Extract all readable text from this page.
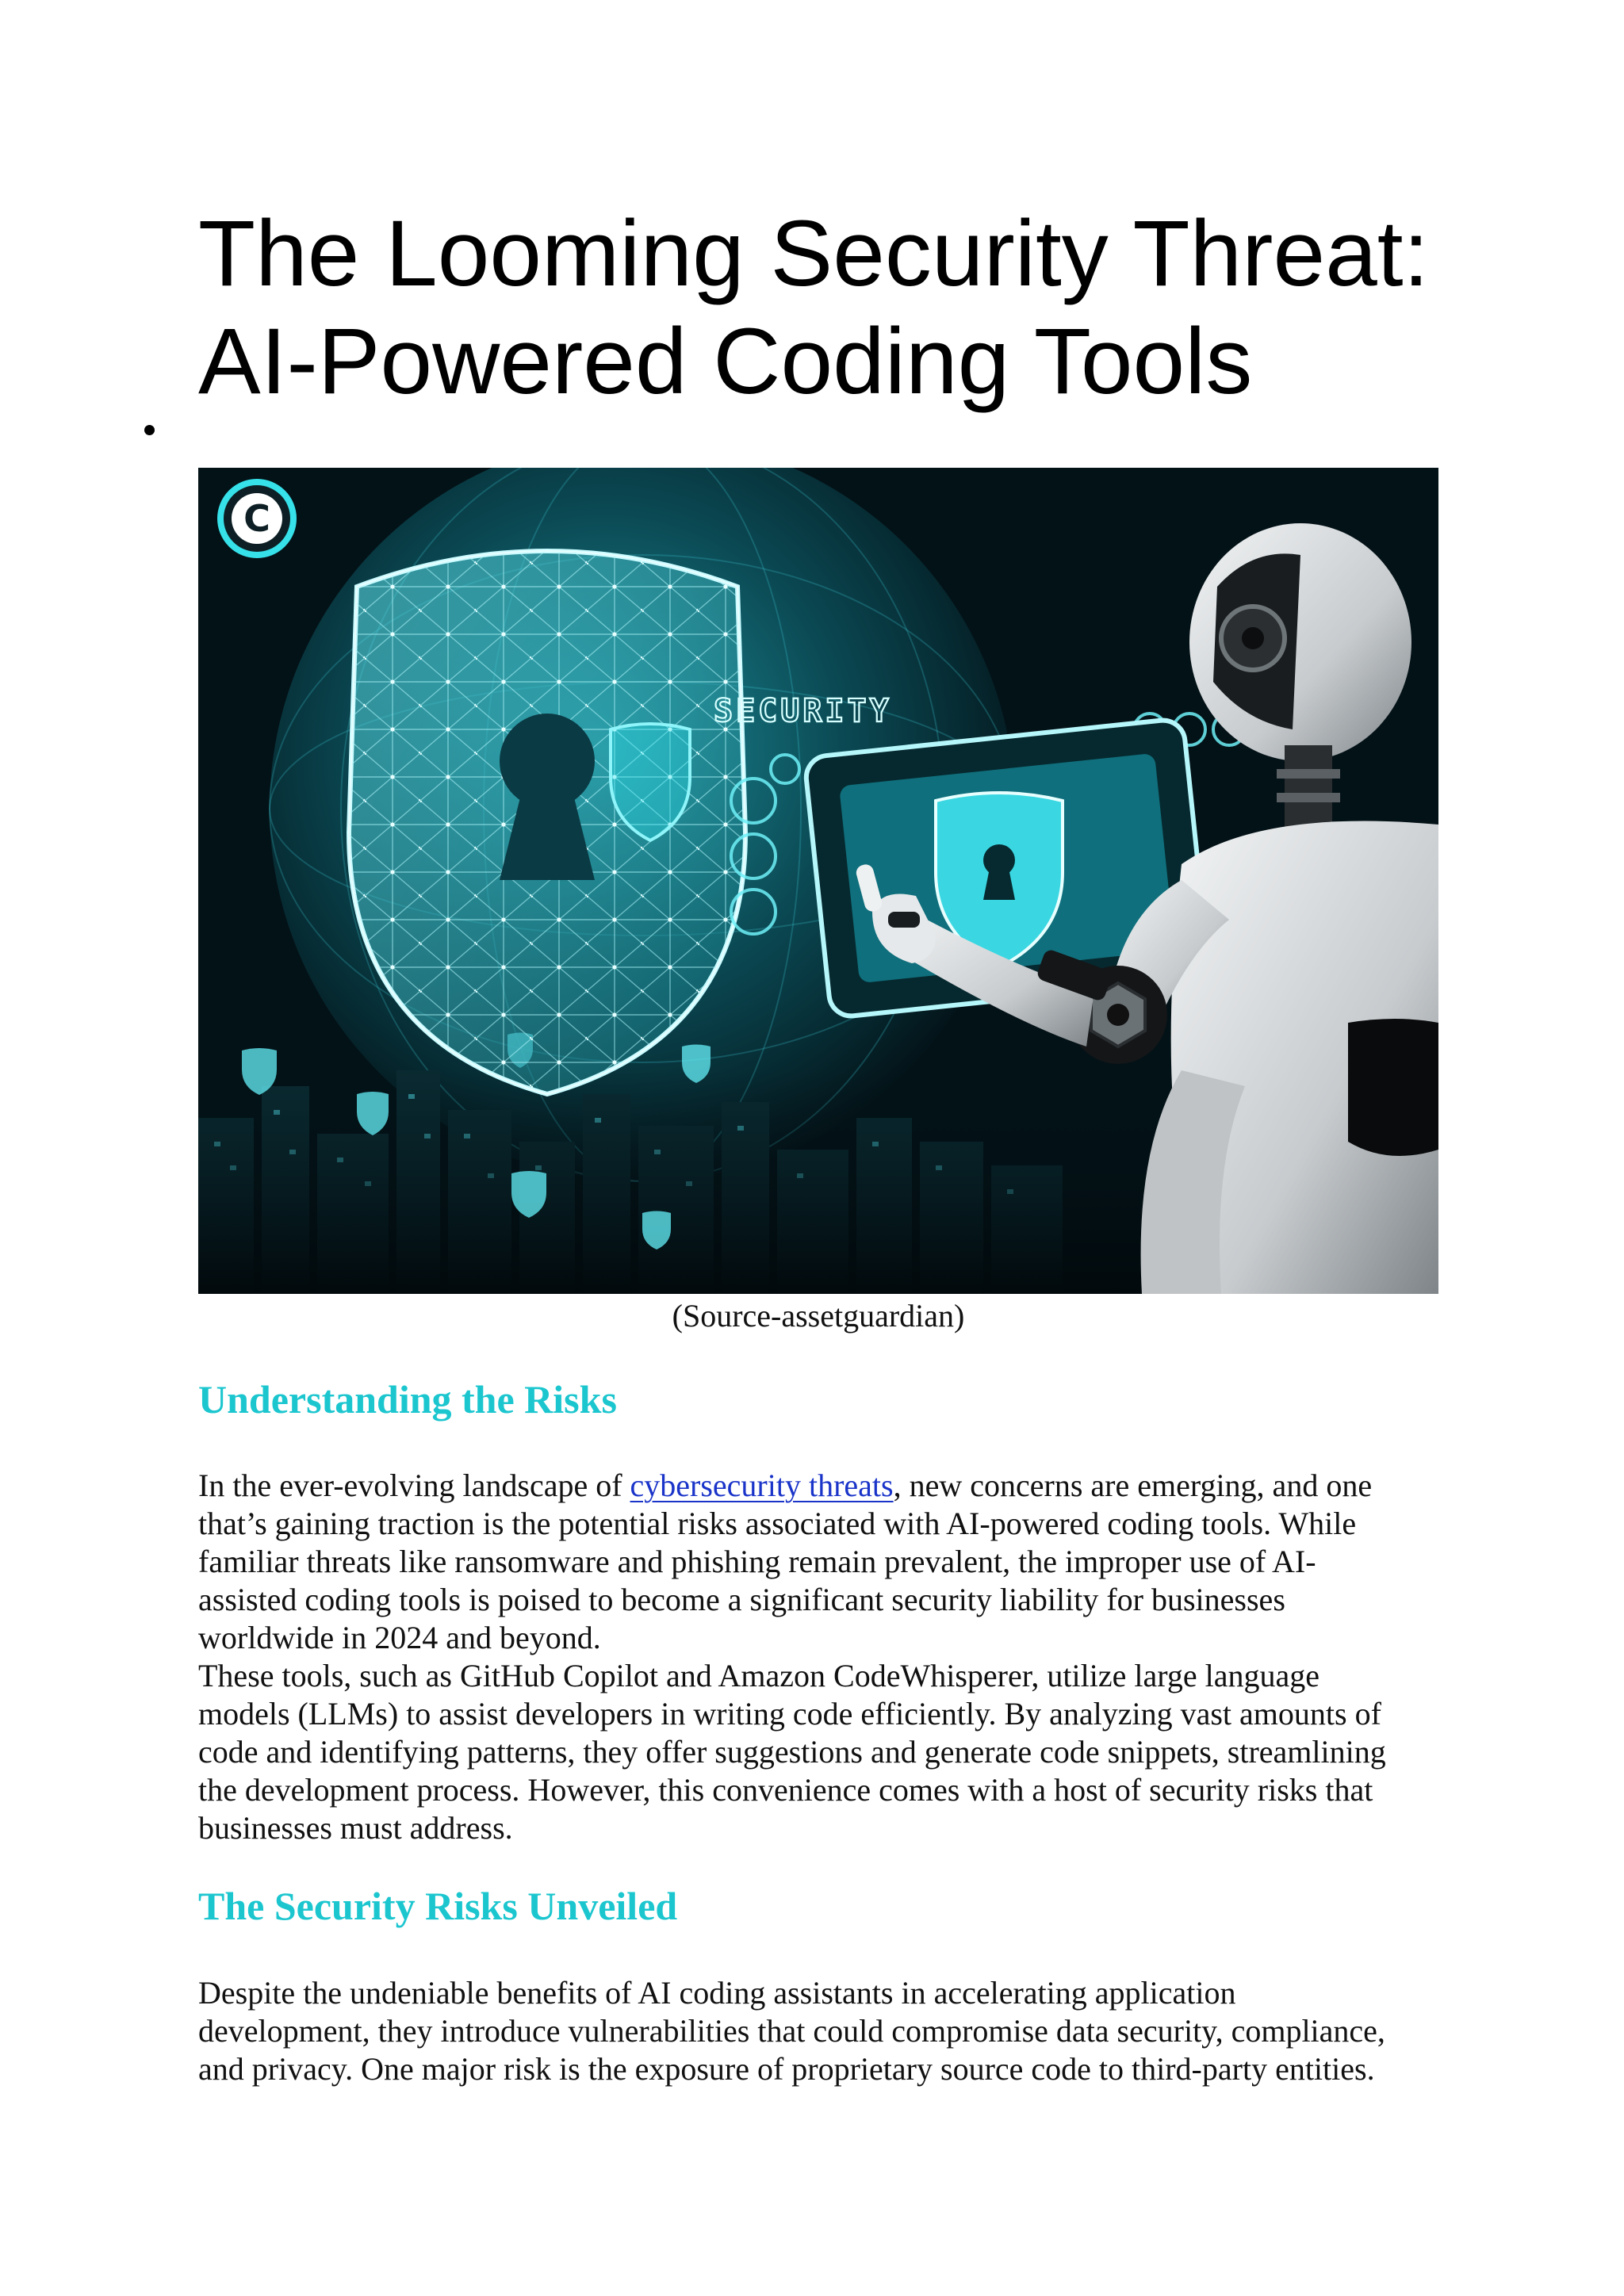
The Looming Security Threat:
AI-Powered Coding Tools
SECURITY
C
(Source-assetguardian)
Understanding the Risks
In the ever-evolving landscape of cybersecurity threats, new concerns are emerging, and one
that’s gaining traction is the potential risks associated with AI-powered coding tools. While
familiar threats like ransomware and phishing remain prevalent, the improper use of AI-
assisted coding tools is poised to become a significant security liability for businesses
worldwide in 2024 and beyond.
These tools, such as GitHub Copilot and Amazon CodeWhisperer, utilize large language
models (LLMs) to assist developers in writing code efficiently. By analyzing vast amounts of
code and identifying patterns, they offer suggestions and generate code snippets, streamlining
the development process. However, this convenience comes with a host of security risks that
businesses must address.
The Security Risks Unveiled
Despite the undeniable benefits of AI coding assistants in accelerating application
development, they introduce vulnerabilities that could compromise data security, compliance,
and privacy. One major risk is the exposure of proprietary source code to third-party entities.
